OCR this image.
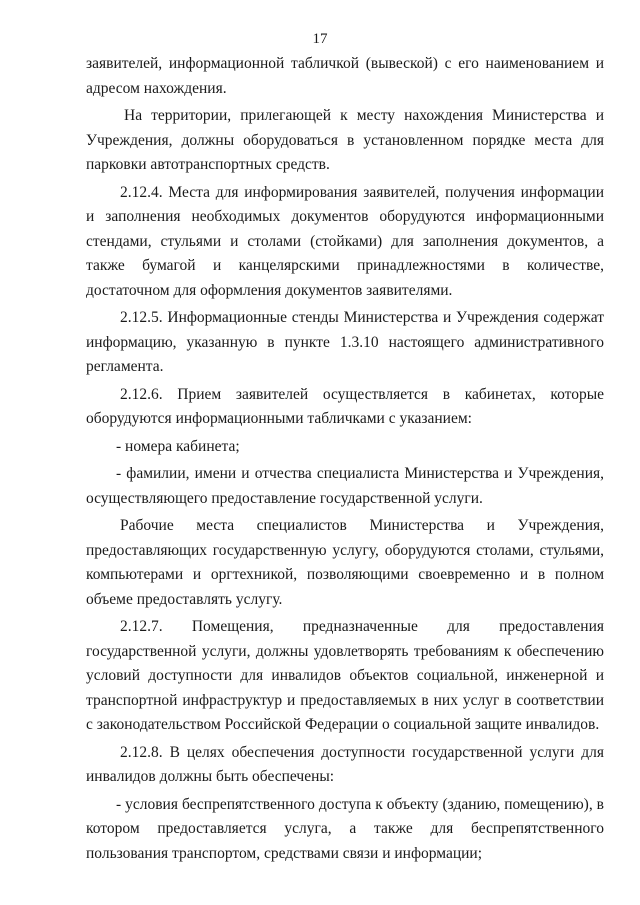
17

заявителей, информационной табличкой (вывеской) с его наименованием и адресом нахождения.

На территории, прилегающей к месту нахождения Министерства и Учреждения, должны оборудоваться в установленном порядке места для парковки автотранспортных средств.

2.12.4. Места для информирования заявителей, получения информации и заполнения необходимых документов оборудуются информационными стендами, стульями и столами (стойками) для заполнения документов, а также бумагой и канцелярскими принадлежностями в количестве, достаточном для оформления документов заявителями.

2.12.5. Информационные стенды Министерства и Учреждения содержат информацию, указанную в пункте 1.3.10 настоящего административного регламента.

2.12.6. Прием заявителей осуществляется в кабинетах, которые оборудуются информационными табличками с указанием:

- номера кабинета;

- фамилии, имени и отчества специалиста Министерства и Учреждения, осуществляющего предоставление государственной услуги.

Рабочие места специалистов Министерства и Учреждения, предоставляющих государственную услугу, оборудуются столами, стульями, компьютерами и оргтехникой, позволяющими своевременно и в полном объеме предоставлять услугу.

2.12.7. Помещения, предназначенные для предоставления государственной услуги, должны удовлетворять требованиям к обеспечению условий доступности для инвалидов объектов социальной, инженерной и транспортной инфраструктур и предоставляемых в них услуг в соответствии с законодательством Российской Федерации о социальной защите инвалидов.

2.12.8. В целях обеспечения доступности государственной услуги для инвалидов должны быть обеспечены:

- условия беспрепятственного доступа к объекту (зданию, помещению), в котором предоставляется услуга, а также для беспрепятственного пользования транспортом, средствами связи и информации;
